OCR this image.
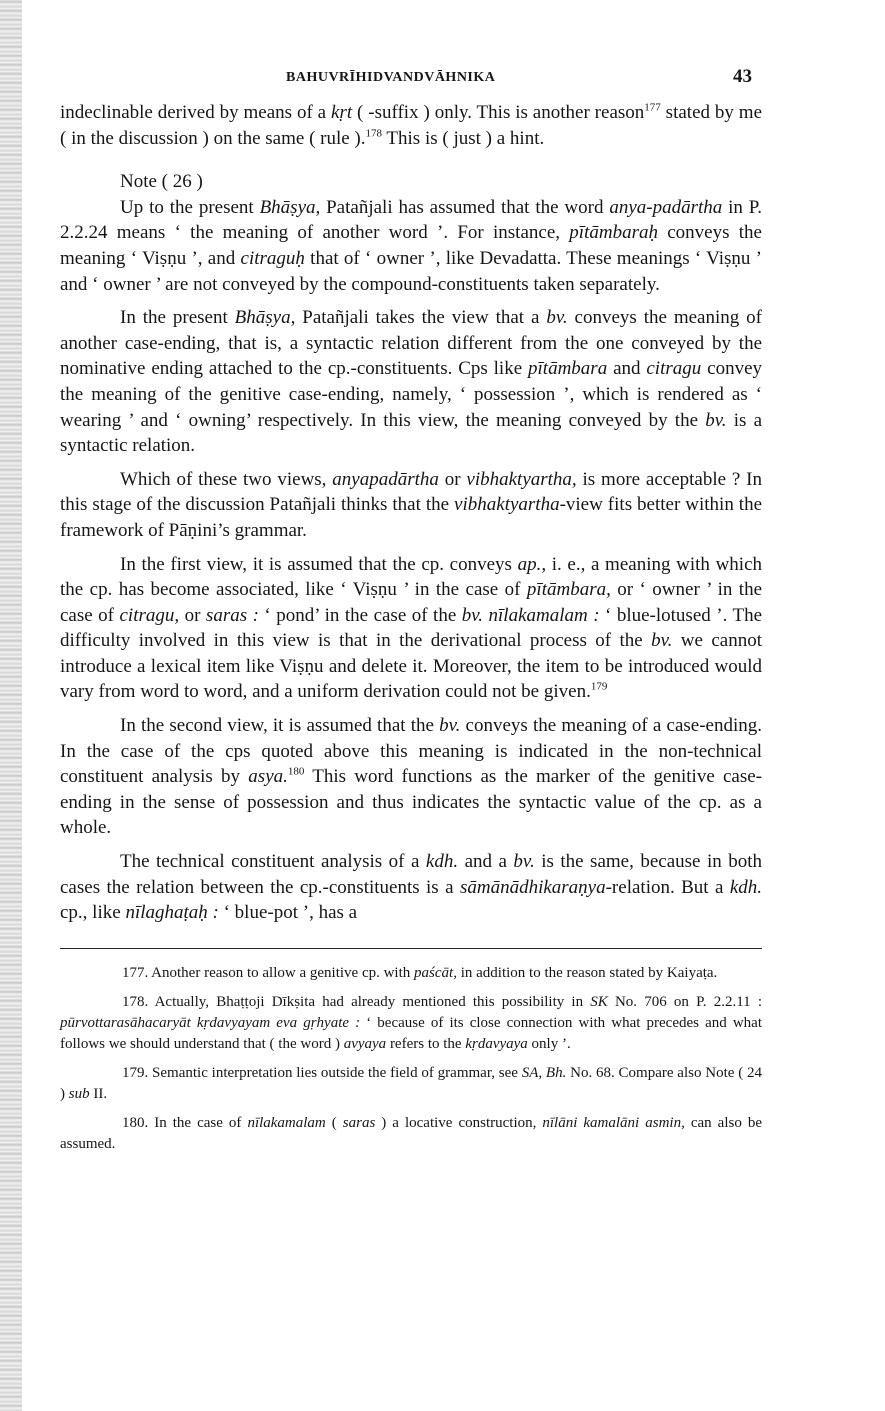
BAHUVRĪHIDVANDVĀHNIKA	43

indeclinable derived by means of a kṛt ( -suffix ) only. This is another reason$^{177}$ stated by me ( in the discussion ) on the same ( rule ).$^{178}$ This is ( just ) a hint.

Note ( 26 )

Up to the present Bhāṣya, Patañjali has assumed that the word anya-padārtha in P. 2.2.24 means ‘ the meaning of another word ’. For instance, pītāmbaraḥ conveys the meaning ‘ Viṣṇu ’, and citraguḥ that of ‘ owner ’, like Devadatta. These meanings ‘ Viṣṇu ’ and ‘ owner ’ are not conveyed by the compound-constituents taken separately.

In the present Bhāṣya, Patañjali takes the view that a bv. conveys the meaning of another case-ending, that is, a syntactic relation different from the one conveyed by the nominative ending attached to the cp.-constituents. Cps like pītāmbara and citragu convey the meaning of the genitive case-ending, namely, ‘ possession ’, which is rendered as ‘ wearing ’ and ‘ owning’ respectively. In this view, the meaning conveyed by the bv. is a syntactic relation.

Which of these two views, anyapadārtha or vibhaktyartha, is more acceptable ? In this stage of the discussion Patañjali thinks that the vibhaktyartha-view fits better within the framework of Pāṇini’s grammar.

In the first view, it is assumed that the cp. conveys ap., i. e., a meaning with which the cp. has become associated, like ‘ Viṣṇu ’ in the case of pītāmbara, or ‘ owner ’ in the case of citragu, or saras : ‘ pond’ in the case of the bv. nīlakamalam : ‘ blue-lotused ’. The difficulty involved in this view is that in the derivational process of the bv. we cannot introduce a lexical item like Viṣṇu and delete it. Moreover, the item to be introduced would vary from word to word, and a uniform derivation could not be given.$^{179}$

In the second view, it is assumed that the bv. conveys the meaning of a case-ending. In the case of the cps quoted above this meaning is indicated in the non-technical constituent analysis by asya.$^{180}$ This word functions as the marker of the genitive case-ending in the sense of possession and thus indicates the syntactic value of the cp. as a whole.

The technical constituent analysis of a kdh. and a bv. is the same, because in both cases the relation between the cp.-constituents is a sāmānādhikaraṇya-relation. But a kdh. cp., like nīlaghaṭaḥ : ‘ blue-pot ’, has a

177. Another reason to allow a genitive cp. with paścāt, in addition to the reason stated by Kaiyaṭa.

178. Actually, Bhaṭṭoji Dīkṣita had already mentioned this possibility in SK No. 706 on P. 2.2.11 : pūrvottarasāhacaryāt kṛdavyayam eva gṛhyate : ‘ because of its close connection with what precedes and what follows we should understand that ( the word ) avyaya refers to the kṛdavyaya only ’.

179. Semantic interpretation lies outside the field of grammar, see SA, Bh. No. 68. Compare also Note ( 24 ) sub II.

180. In the case of nīlakamalam ( saras ) a locative construction, nīlāni kamalāni asmin, can also be assumed.
